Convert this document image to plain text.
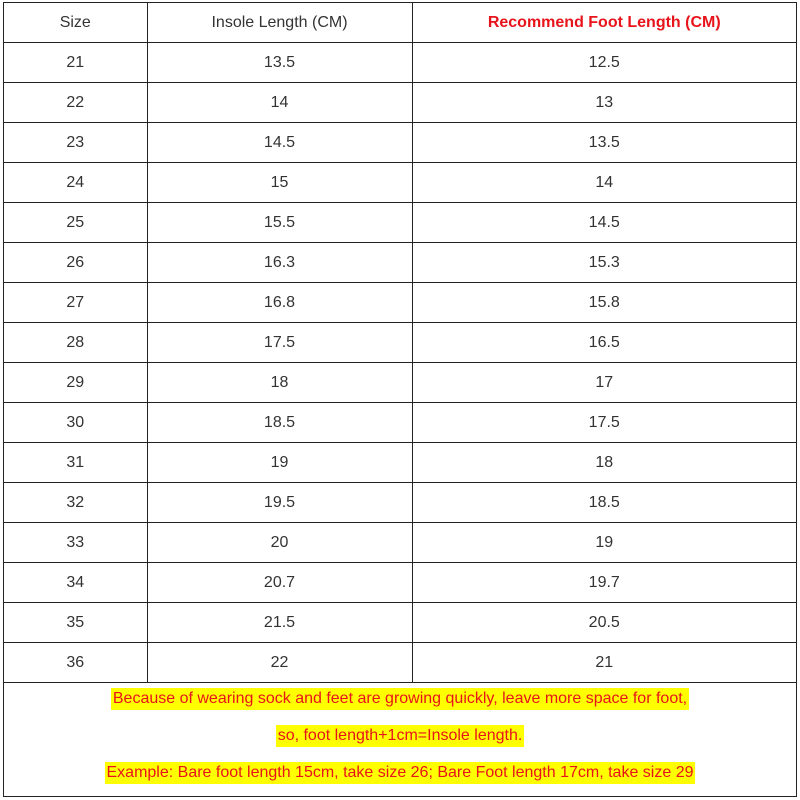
Size	Insole Length (CM)	Recommend Foot Length (CM)
21	13.5	12.5
22	14	13
23	14.5	13.5
24	15	14
25	15.5	14.5
26	16.3	15.3
27	16.8	15.8
28	17.5	16.5
29	18	17
30	18.5	17.5
31	19	18
32	19.5	18.5
33	20	19
34	20.7	19.7
35	21.5	20.5
36	22	21
Because of wearing sock and feet are growing quickly, leave more space for foot,
so, foot length+1cm=Insole length.
Example: Bare foot length 15cm, take size 26; Bare Foot length 17cm, take size 29
